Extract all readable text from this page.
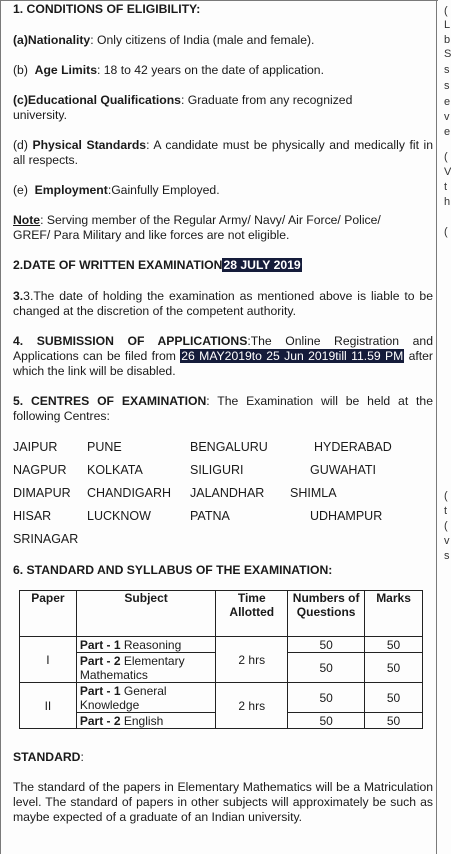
1. CONDITIONS OF ELIGIBILITY:
(a)Nationality: Only citizens of India (male and female).
(b)  Age Limits: 18 to 42 years on the date of application.
(c)Educational Qualifications: Graduate from any recognized university.
(d) Physical Standards: A candidate must be physically and medically fit in all respects.
(e)  Employment:Gainfully Employed.
Note: Serving member of the Regular Army/ Navy/ Air Force/ Police/ GREF/ Para Military and like forces are not eligible.
2.DATE OF WRITTEN EXAMINATION28 JULY 2019
3.3.The date of holding the examination as mentioned above is liable to be changed at the discretion of the competent authority.
4. SUBMISSION OF APPLICATIONS:The Online Registration and Applications can be filed from 26 MAY2019to 25 Jun 2019till 11.59 PM after which the link will be disabled.
5. CENTRES OF EXAMINATION: The Examination will be held at the following Centres:
JAIPUR PUNE	BENGALURU	HYDERABAD
NAGPUR KOLKATA	SILIGURI	GUWAHATI
DIMAPUR CHANDIGARH JALANDHAR SHIMLA
HISAR	LUCKNOW	PATNA	UDHAMPUR
SRINAGAR
6. STANDARD AND SYLLABUS OF THE EXAMINATION:
Paper	Subject	Time Allotted	Numbers of Questions	Marks
I	Part - 1 Reasoning	2 hrs	50	50
	Part - 2 Elementary Mathematics		50	50
II	Part - 1 General Knowledge	2 hrs	50	50
	Part - 2 English		50	50
STANDARD:
The standard of the papers in Elementary Mathematics will be a Matriculation level. The standard of papers in other subjects will approximately be such as maybe expected of a graduate of an Indian university.
(
L
b
S
s
s
e
v
e
(
V
t
h
(
(
t
(
v
s
